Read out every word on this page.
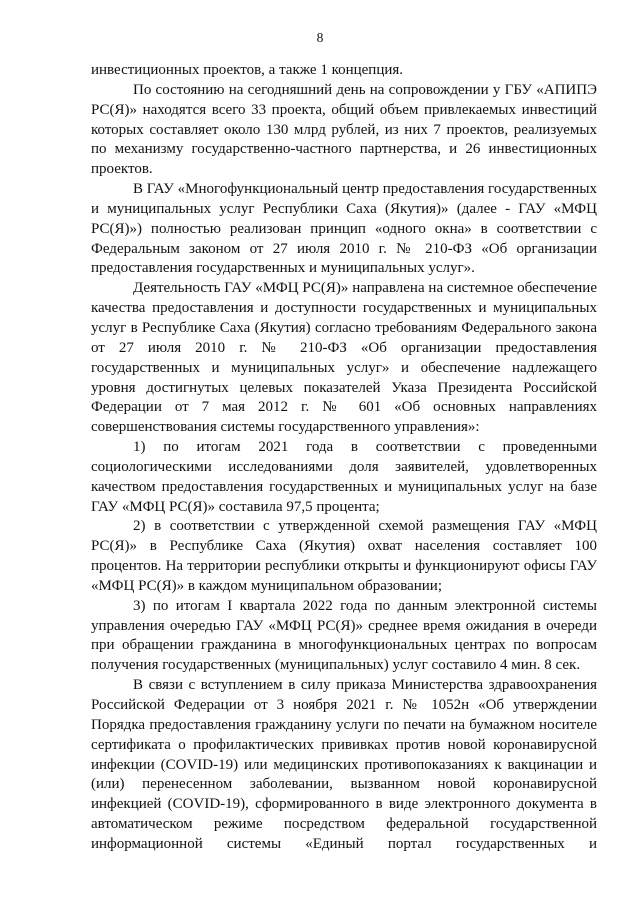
8

инвестиционных проектов, а также 1 концепция.

По состоянию на сегодняшний день на сопровождении у ГБУ «АПИПЭ РС(Я)» находятся всего 33 проекта, общий объем привлекаемых инвестиций которых составляет около 130 млрд рублей, из них 7 проектов, реализуемых по механизму государственно-частного партнерства, и 26 инвестиционных проектов.

В ГАУ «Многофункциональный центр предоставления государственных и муниципальных услуг Республики Саха (Якутия)» (далее - ГАУ «МФЦ РС(Я)») полностью реализован принцип «одного окна» в соответствии с Федеральным законом от 27 июля 2010 г. № 210-ФЗ «Об организации предоставления государственных и муниципальных услуг».

Деятельность ГАУ «МФЦ РС(Я)» направлена на системное обеспечение качества предоставления и доступности государственных и муниципальных услуг в Республике Саха (Якутия) согласно требованиям Федерального закона от 27 июля 2010 г. № 210-ФЗ «Об организации предоставления государственных и муниципальных услуг» и обеспечение надлежащего уровня достигнутых целевых показателей Указа Президента Российской Федерации от 7 мая 2012 г. № 601 «Об основных направлениях совершенствования системы государственного управления»:

1) по итогам 2021 года в соответствии с проведенными социологическими исследованиями доля заявителей, удовлетворенных качеством предоставления государственных и муниципальных услуг на базе ГАУ «МФЦ РС(Я)» составила 97,5 процента;

2) в соответствии с утвержденной схемой размещения ГАУ «МФЦ РС(Я)» в Республике Саха (Якутия) охват населения составляет 100 процентов. На территории республики открыты и функционируют офисы ГАУ «МФЦ РС(Я)» в каждом муниципальном образовании;

3) по итогам I квартала 2022 года по данным электронной системы управления очередью ГАУ «МФЦ РС(Я)» среднее время ожидания в очереди при обращении гражданина в многофункциональных центрах по вопросам получения государственных (муниципальных) услуг составило 4 мин. 8 сек.

В связи с вступлением в силу приказа Министерства здравоохранения Российской Федерации от 3 ноября 2021 г. № 1052н «Об утверждении Порядка предоставления гражданину услуги по печати на бумажном носителе сертификата о профилактических прививках против новой коронавирусной инфекции (COVID-19) или медицинских противопоказаниях к вакцинации и (или) перенесенном заболевании, вызванном новой коронавирусной инфекцией (COVID-19), сформированного в виде электронного документа в автоматическом режиме посредством федеральной государственной информационной системы «Единый портал государственных и
